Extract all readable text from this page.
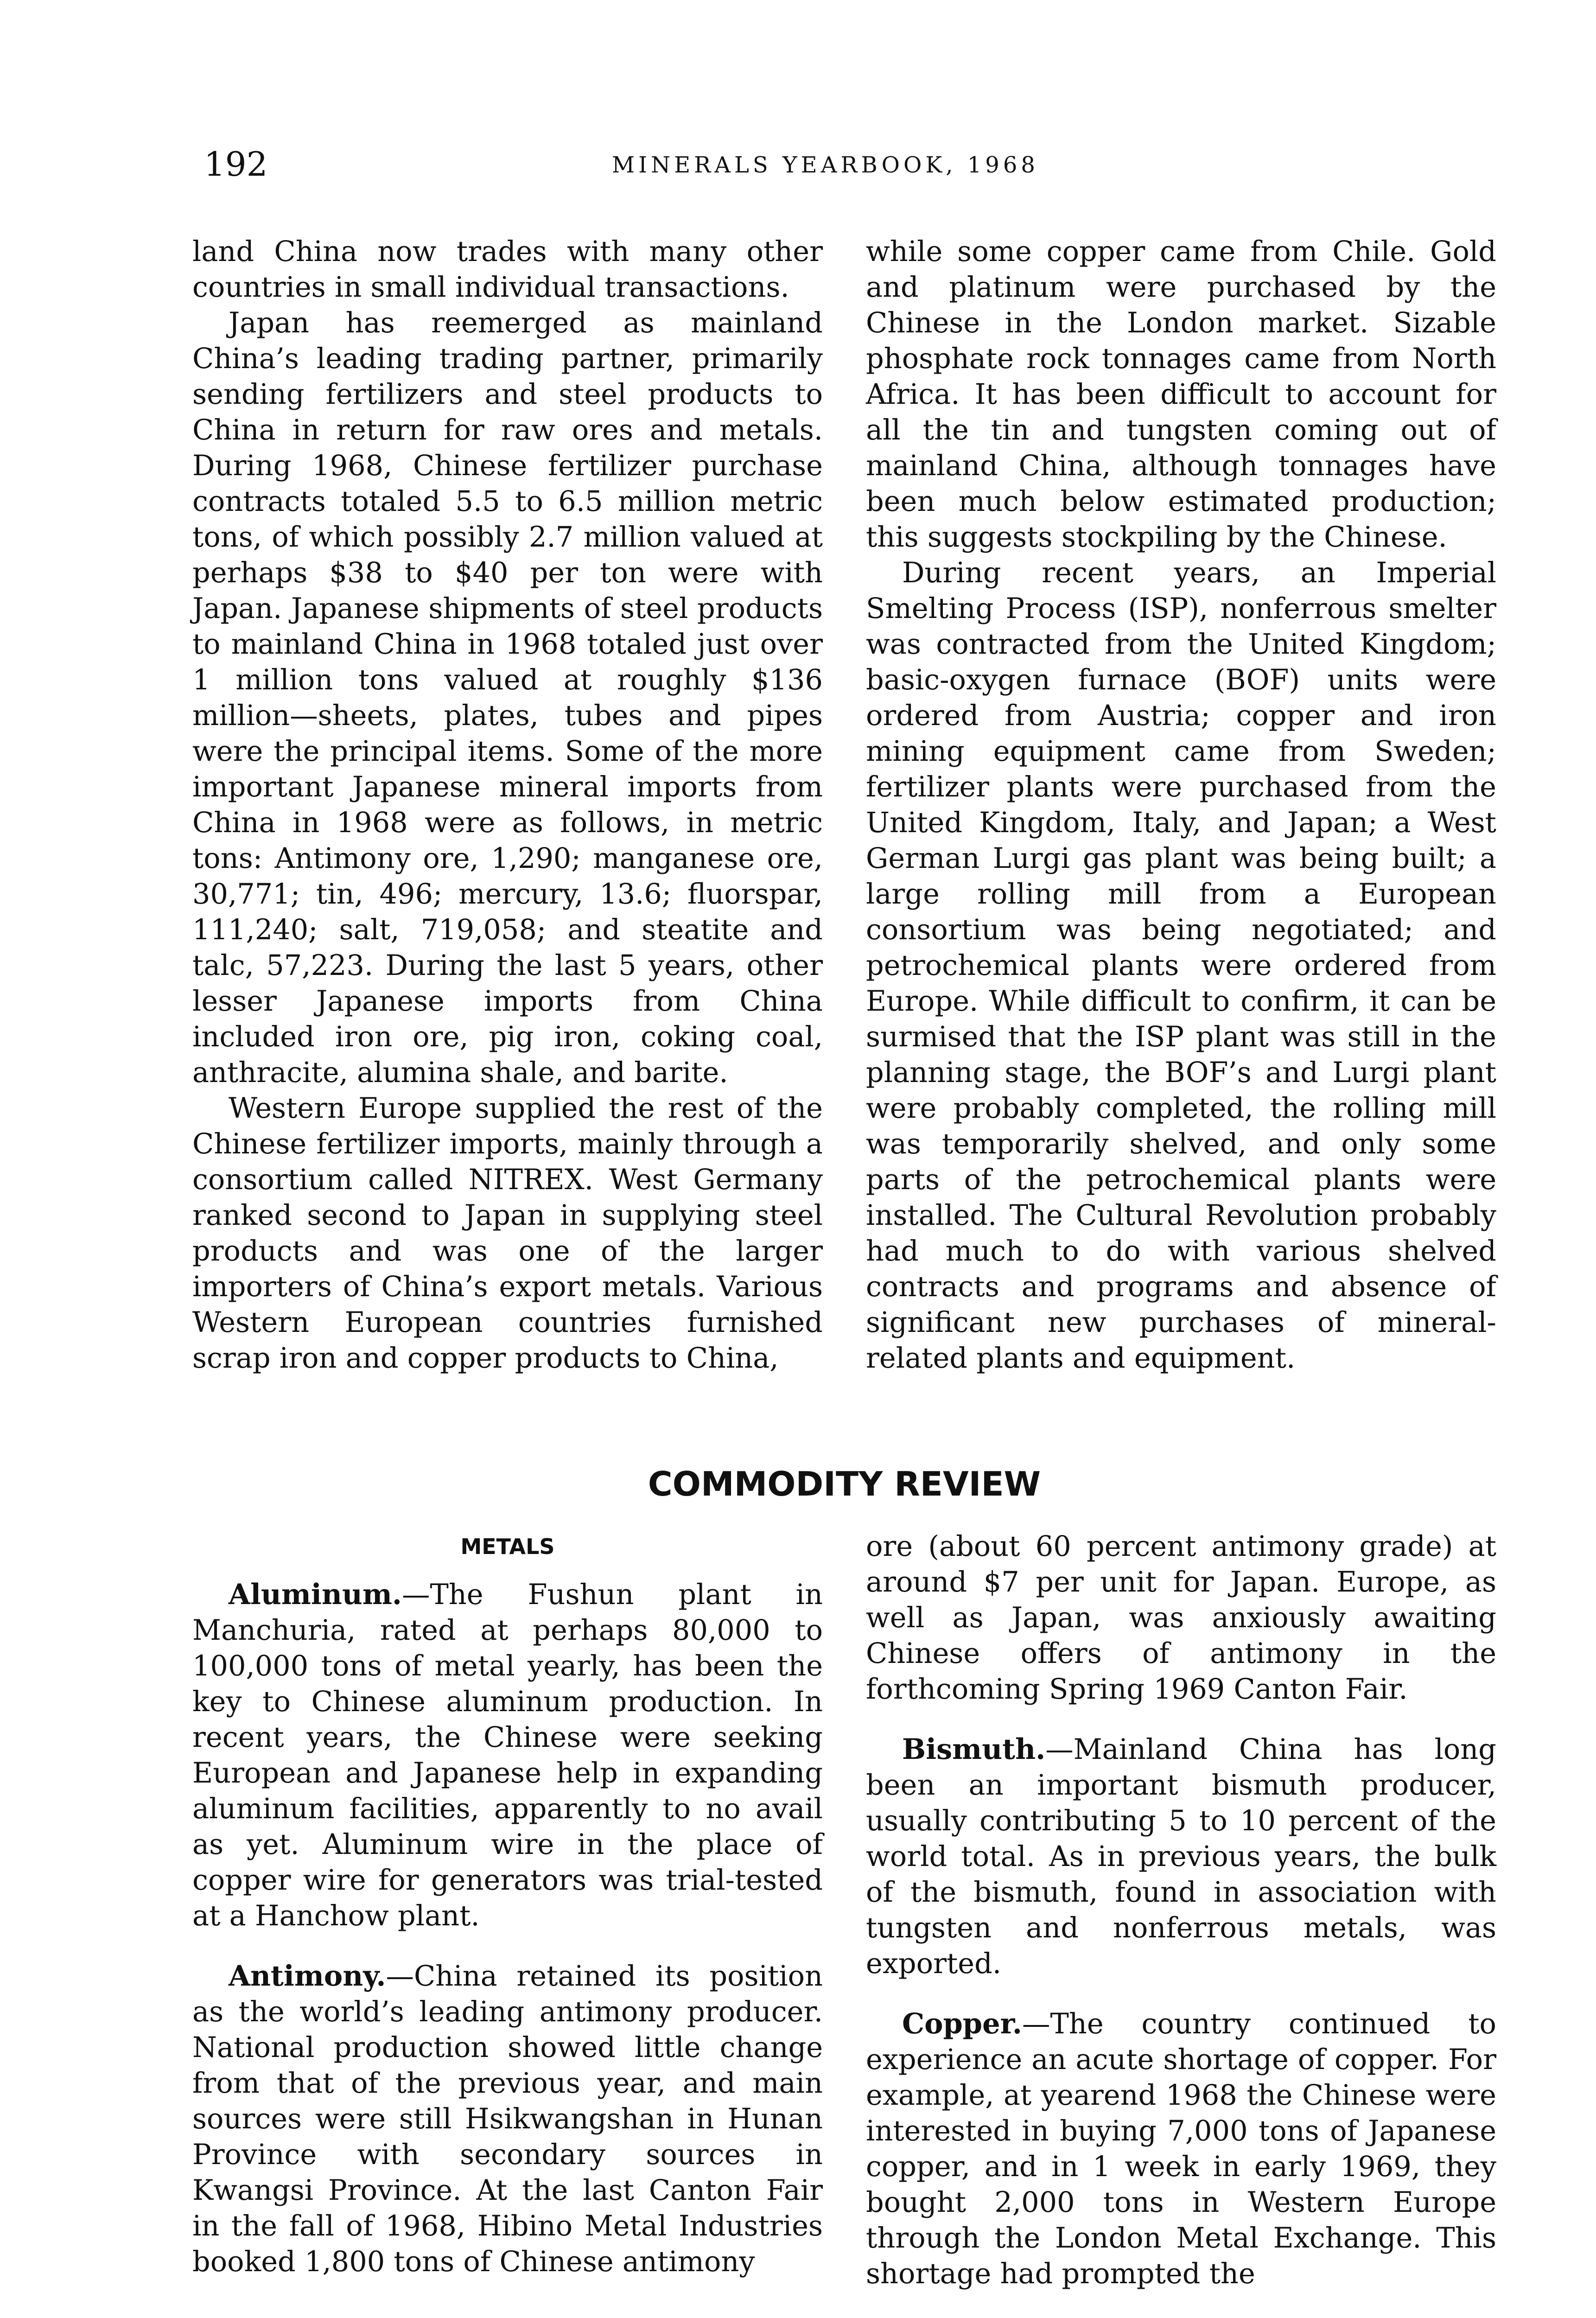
192	MINERALS YEARBOOK, 1968

land China now trades with many other countries in small individual transactions.

Japan has reemerged as mainland China’s leading trading partner, primarily sending fertilizers and steel products to China in return for raw ores and metals. During 1968, Chinese fertilizer purchase contracts totaled 5.5 to 6.5 million metric tons, of which possibly 2.7 million valued at perhaps $38 to $40 per ton were with Japan. Japanese shipments of steel products to mainland China in 1968 totaled just over 1 million tons valued at roughly $136 million—sheets, plates, tubes and pipes were the principal items. Some of the more important Japanese mineral imports from China in 1968 were as follows, in metric tons: Antimony ore, 1,290; manganese ore, 30,771; tin, 496; mercury, 13.6; fluorspar, 111,240; salt, 719,058; and steatite and talc, 57,223. During the last 5 years, other lesser Japanese imports from China included iron ore, pig iron, coking coal, anthracite, alumina shale, and barite.

Western Europe supplied the rest of the Chinese fertilizer imports, mainly through a consortium called NITREX. West Germany ranked second to Japan in supplying steel products and was one of the larger importers of China’s export metals. Various Western European countries furnished scrap iron and copper products to China,

while some copper came from Chile. Gold and platinum were purchased by the Chinese in the London market. Sizable phosphate rock tonnages came from North Africa. It has been difficult to account for all the tin and tungsten coming out of mainland China, although tonnages have been much below estimated production; this suggests stockpiling by the Chinese.

During recent years, an Imperial Smelting Process (ISP), nonferrous smelter was contracted from the United Kingdom; basic-oxygen furnace (BOF) units were ordered from Austria; copper and iron mining equipment came from Sweden; fertilizer plants were purchased from the United Kingdom, Italy, and Japan; a West German Lurgi gas plant was being built; a large rolling mill from a European consortium was being negotiated; and petrochemical plants were ordered from Europe. While difficult to confirm, it can be surmised that the ISP plant was still in the planning stage, the BOF’s and Lurgi plant were probably completed, the rolling mill was temporarily shelved, and only some parts of the petrochemical plants were installed. The Cultural Revolution probably had much to do with various shelved contracts and programs and absence of significant new purchases of mineral-related plants and equipment.

COMMODITY REVIEW
METALS

Aluminum.—The Fushun plant in Manchuria, rated at perhaps 80,000 to 100,000 tons of metal yearly, has been the key to Chinese aluminum production. In recent years, the Chinese were seeking European and Japanese help in expanding aluminum facilities, apparently to no avail as yet. Aluminum wire in the place of copper wire for generators was trial-tested at a Hanchow plant.

Antimony.—China retained its position as the world’s leading antimony producer. National production showed little change from that of the previous year, and main sources were still Hsikwangshan in Hunan Province with secondary sources in Kwangsi Province. At the last Canton Fair in the fall of 1968, Hibino Metal Industries booked 1,800 tons of Chinese antimony

ore (about 60 percent antimony grade) at around $7 per unit for Japan. Europe, as well as Japan, was anxiously awaiting Chinese offers of antimony in the forthcoming Spring 1969 Canton Fair.

Bismuth.—Mainland China has long been an important bismuth producer, usually contributing 5 to 10 percent of the world total. As in previous years, the bulk of the bismuth, found in association with tungsten and nonferrous metals, was exported.

Copper.—The country continued to experience an acute shortage of copper. For example, at yearend 1968 the Chinese were interested in buying 7,000 tons of Japanese copper, and in 1 week in early 1969, they bought 2,000 tons in Western Europe through the London Metal Exchange. This shortage had prompted the
